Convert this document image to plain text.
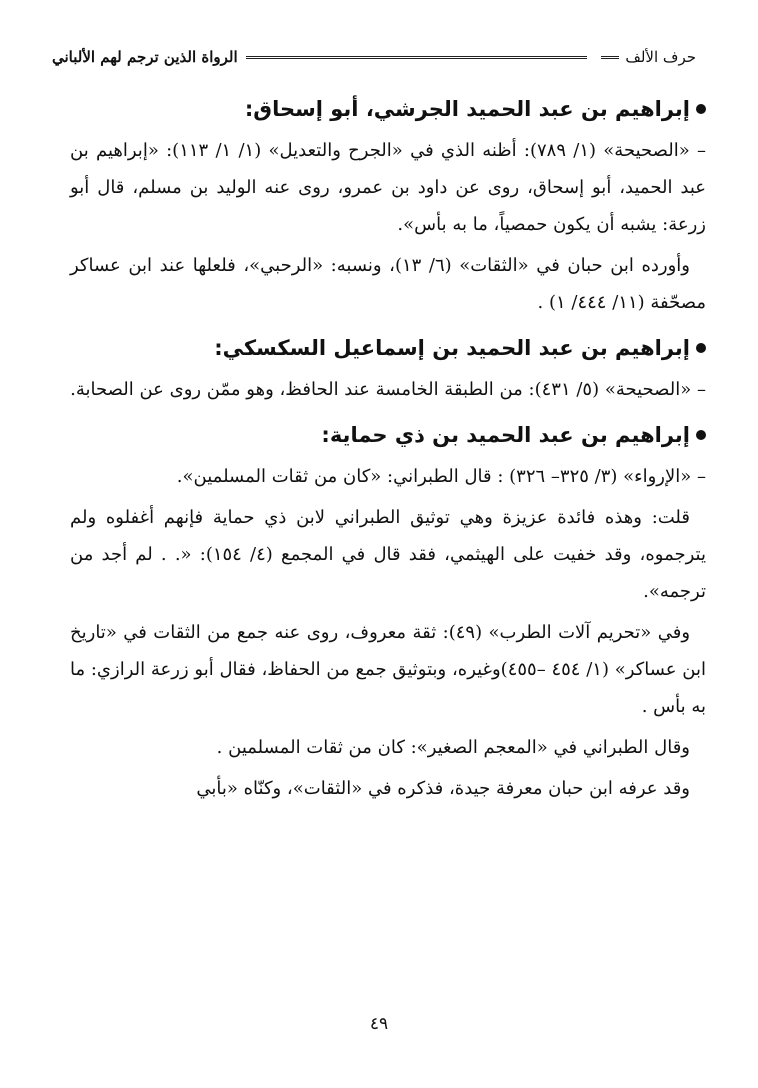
حرف الألف
الرواة الذين ترجم لهم الألباني
إبراهيم بن عبد الحميد الجرشي، أبو إسحاق:

– «الصحيحة» (١/ ٧٨٩): أظنه الذي في «الجرح والتعديل» (١/ ١/ ١١٣): «إبراهيم بن عبد الحميد، أبو إسحاق، روى عن داود بن عمرو، روى عنه الوليد بن مسلم، قال أبو زرعة: يشبه أن يكون حمصياً، ما به بأس».

وأورده ابن حبان في «الثقات» (٦/ ١٣)، ونسبه: «الرحبي»، فلعلها عند ابن عساكر مصحّفة (١١/ ٤٤٤/ ١) .

إبراهيم بن عبد الحميد بن إسماعيل السكسكي:

– «الصحيحة» (٥/ ٤٣١): من الطبقة الخامسة عند الحافظ، وهو ممّن روى عن الصحابة.

إبراهيم بن عبد الحميد بن ذي حماية:

– «الإرواء» (٣/ ٣٢٥– ٣٢٦) : قال الطبراني: «كان من ثقات المسلمين».

قلت: وهذه فائدة عزيزة وهي توثيق الطبراني لابن ذي حماية فإنهم أغفلوه ولم يترجموه، وقد خفيت على الهيثمي، فقد قال في المجمع (٤/ ١٥٤): «. . لم أجد من ترجمه».

وفي «تحريم آلات الطرب» (٤٩): ثقة معروف، روى عنه جمع من الثقات في «تاريخ ابن عساكر» (١/ ٤٥٤ –٤٥٥)وغيره، وبتوثيق جمع من الحفاظ، فقال أبو زرعة الرازي: ما به بأس .

وقال الطبراني في «المعجم الصغير»: كان من ثقات المسلمين .

وقد عرفه ابن حبان معرفة جيدة، فذكره في «الثقات»، وكنّاه «بأبي

٤٩
